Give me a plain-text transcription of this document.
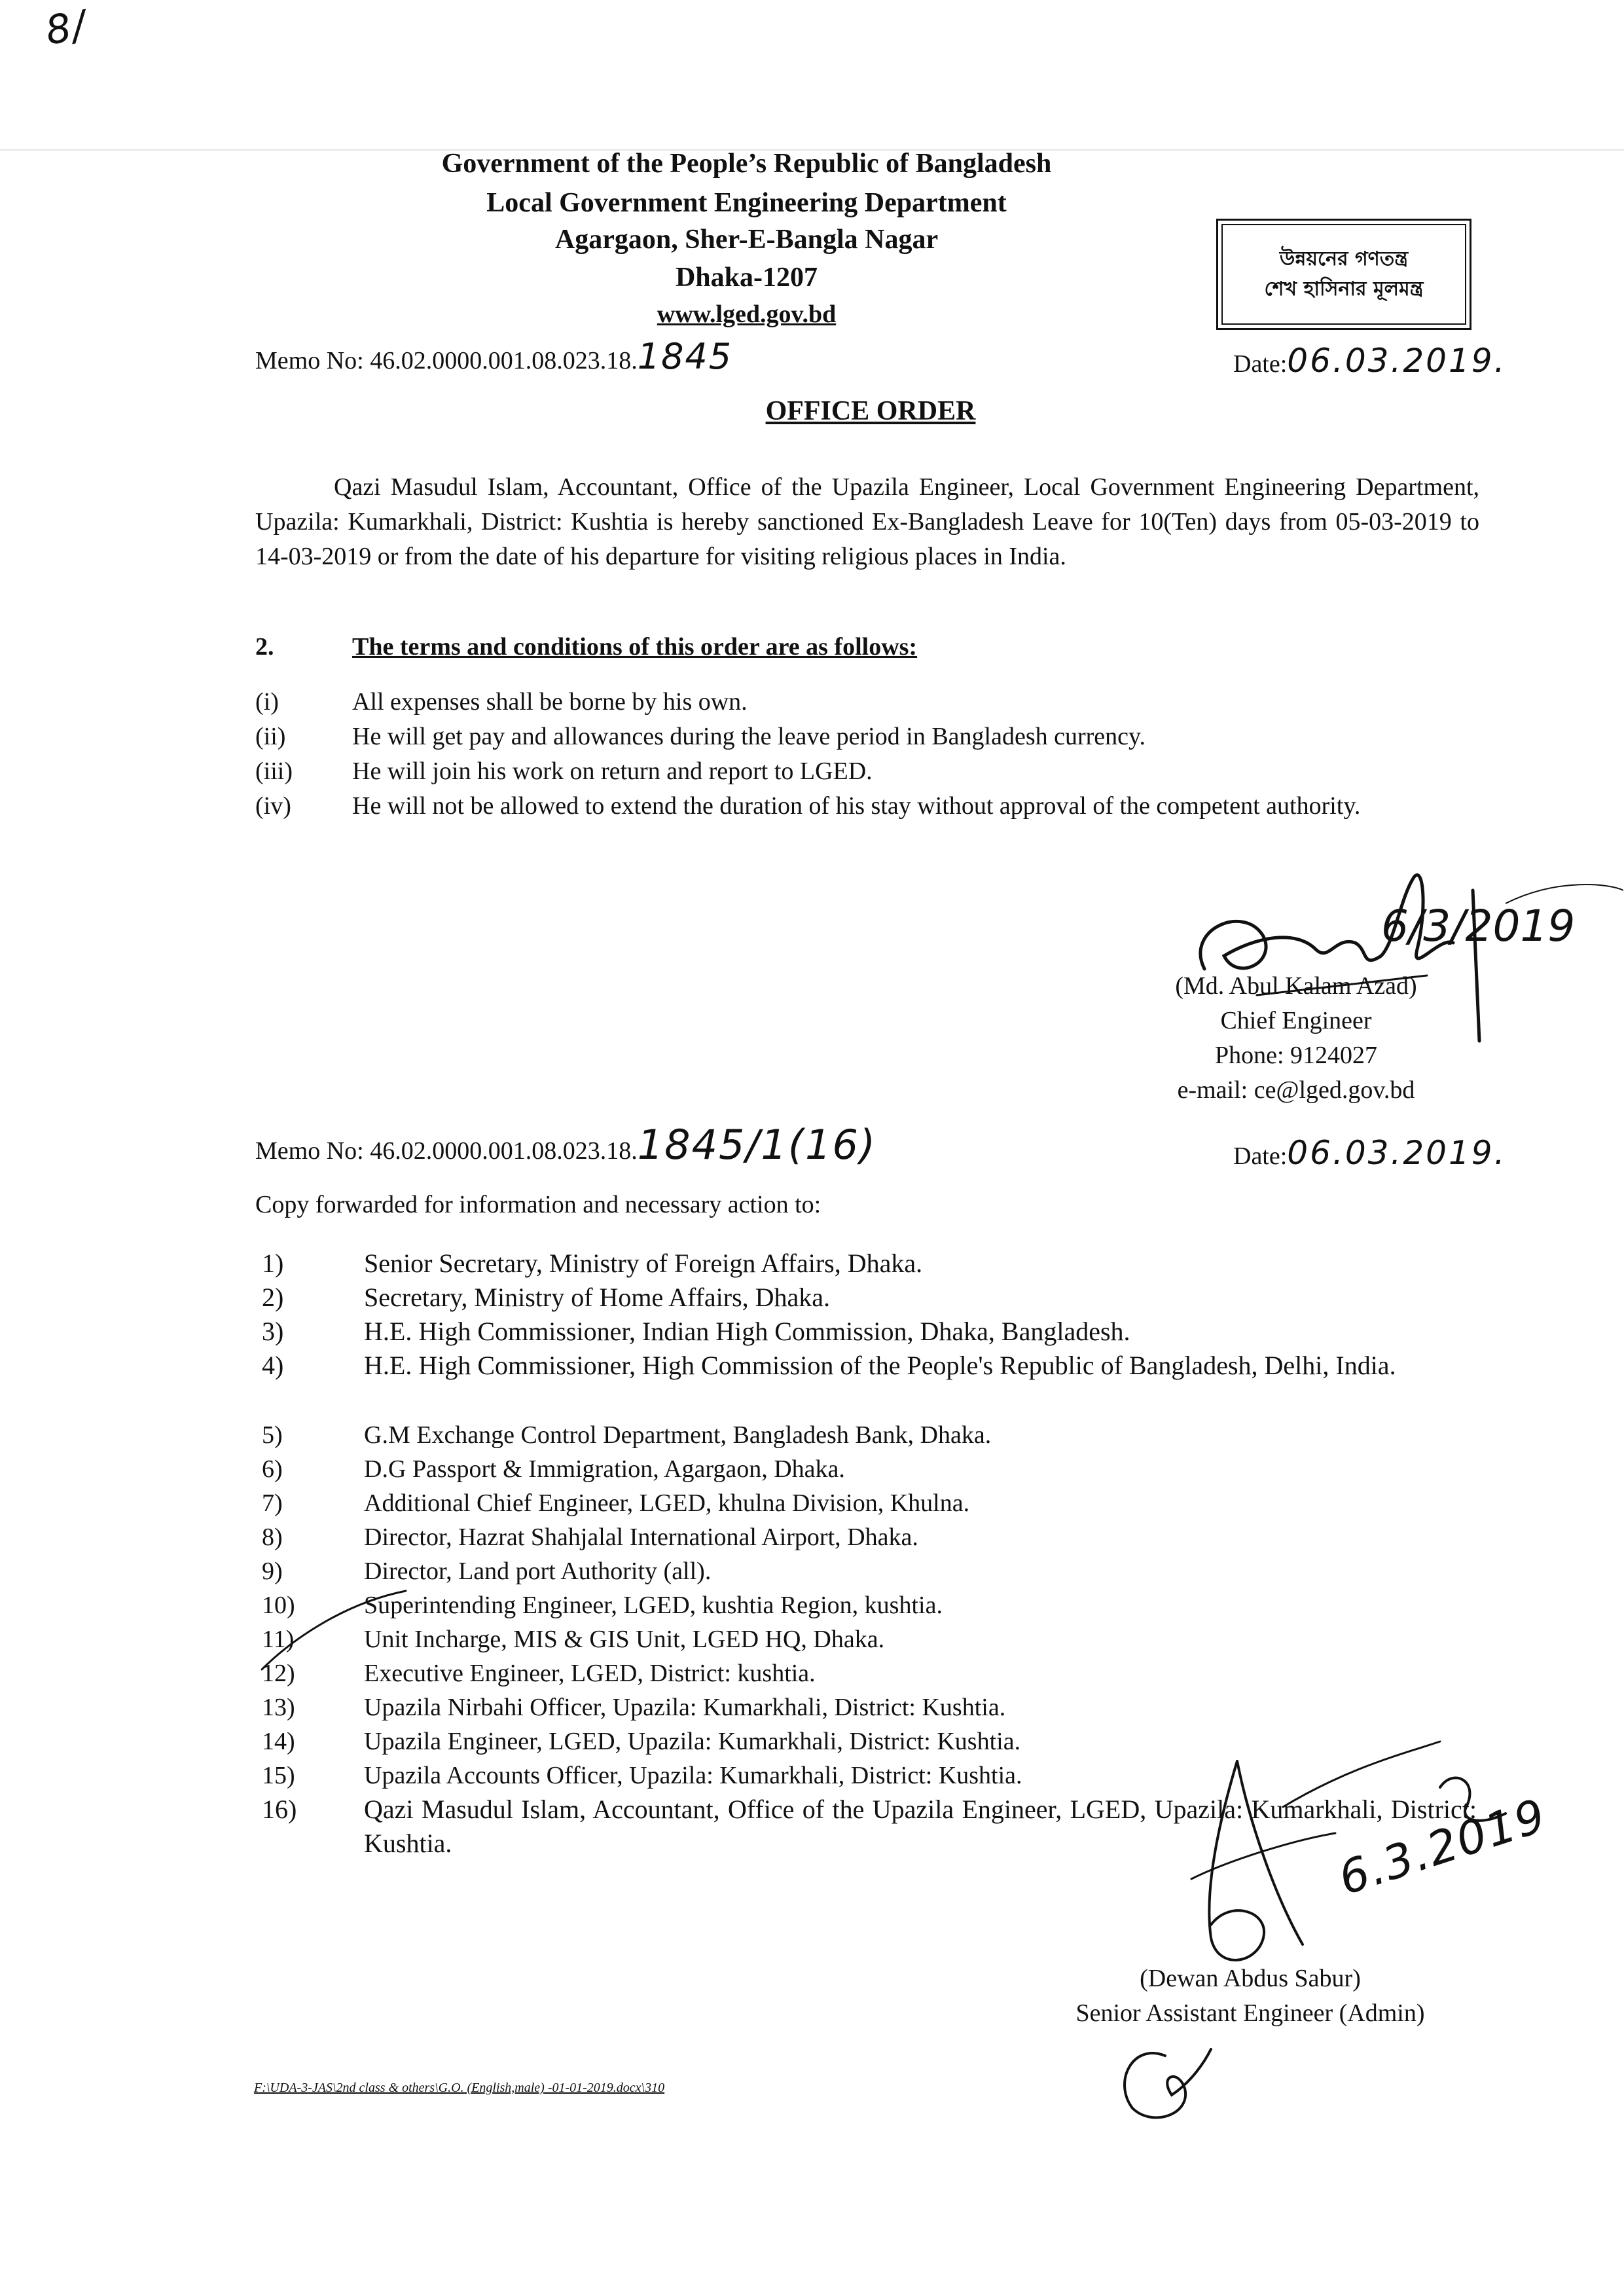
8/
Government of the People’s Republic of Bangladesh
Local Government Engineering Department
Agargaon, Sher-E-Bangla Nagar
Dhaka-1207
www.lged.gov.bd
উন্নয়নের গণতন্ত্র
শেখ হাসিনার মূলমন্ত্র
Memo No: 46.02.0000.001.08.023.18.1845	Date:06.03.2019.
OFFICE ORDER
Qazi Masudul Islam, Accountant, Office of the Upazila Engineer, Local Government Engineering Department, Upazila: Kumarkhali, District: Kushtia is hereby sanctioned Ex-Bangladesh Leave for 10(Ten) days from 05-03-2019 to 14-03-2019 or from the date of his departure for visiting religious places in India.
2.	The terms and conditions of this order are as follows:
(i)	All expenses shall be borne by his own.
(ii)	He will get pay and allowances during the leave period in Bangladesh currency.
(iii) He will join his work on return and report to LGED.
(iv) He will not be allowed to extend the duration of his stay without approval of the competent authority.
6/3/2019
(Md. Abul Kalam Azad)
Chief Engineer
Phone: 9124027
e-mail: ce@lged.gov.bd
Memo No: 46.02.0000.001.08.023.18.1845/1(16)	Date:06.03.2019.
Copy forwarded for information and necessary action to:
1)	Senior Secretary, Ministry of Foreign Affairs, Dhaka.
2)	Secretary, Ministry of Home Affairs, Dhaka.
3)	H.E. High Commissioner, Indian High Commission, Dhaka, Bangladesh.
4)	H.E. High Commissioner, High Commission of the People's Republic of Bangladesh, Delhi, India.
5)	G.M Exchange Control Department, Bangladesh Bank, Dhaka.
6)	D.G Passport & Immigration, Agargaon, Dhaka.
7)	Additional Chief Engineer, LGED, khulna Division, Khulna.
8)	Director, Hazrat Shahjalal International Airport, Dhaka.
9)	Director, Land port Authority (all).
10)	Superintending Engineer, LGED, kushtia Region, kushtia.
11)	Unit Incharge, MIS & GIS Unit, LGED HQ, Dhaka.
12)	Executive Engineer, LGED, District: kushtia.
13)	Upazila Nirbahi Officer, Upazila: Kumarkhali, District: Kushtia.
14)	Upazila Engineer, LGED, Upazila: Kumarkhali, District: Kushtia.
15)	Upazila Accounts Officer, Upazila: Kumarkhali, District: Kushtia.
16)	Qazi Masudul Islam, Accountant, Office of the Upazila Engineer, LGED, Upazila: Kumarkhali, District: Kushtia.	6.3.2019
(Dewan Abdus Sabur)
Senior Assistant Engineer (Admin)
F:\UDA-3-JAS\2nd class & others\G.O. (English,male) -01-01-2019.docx\310
